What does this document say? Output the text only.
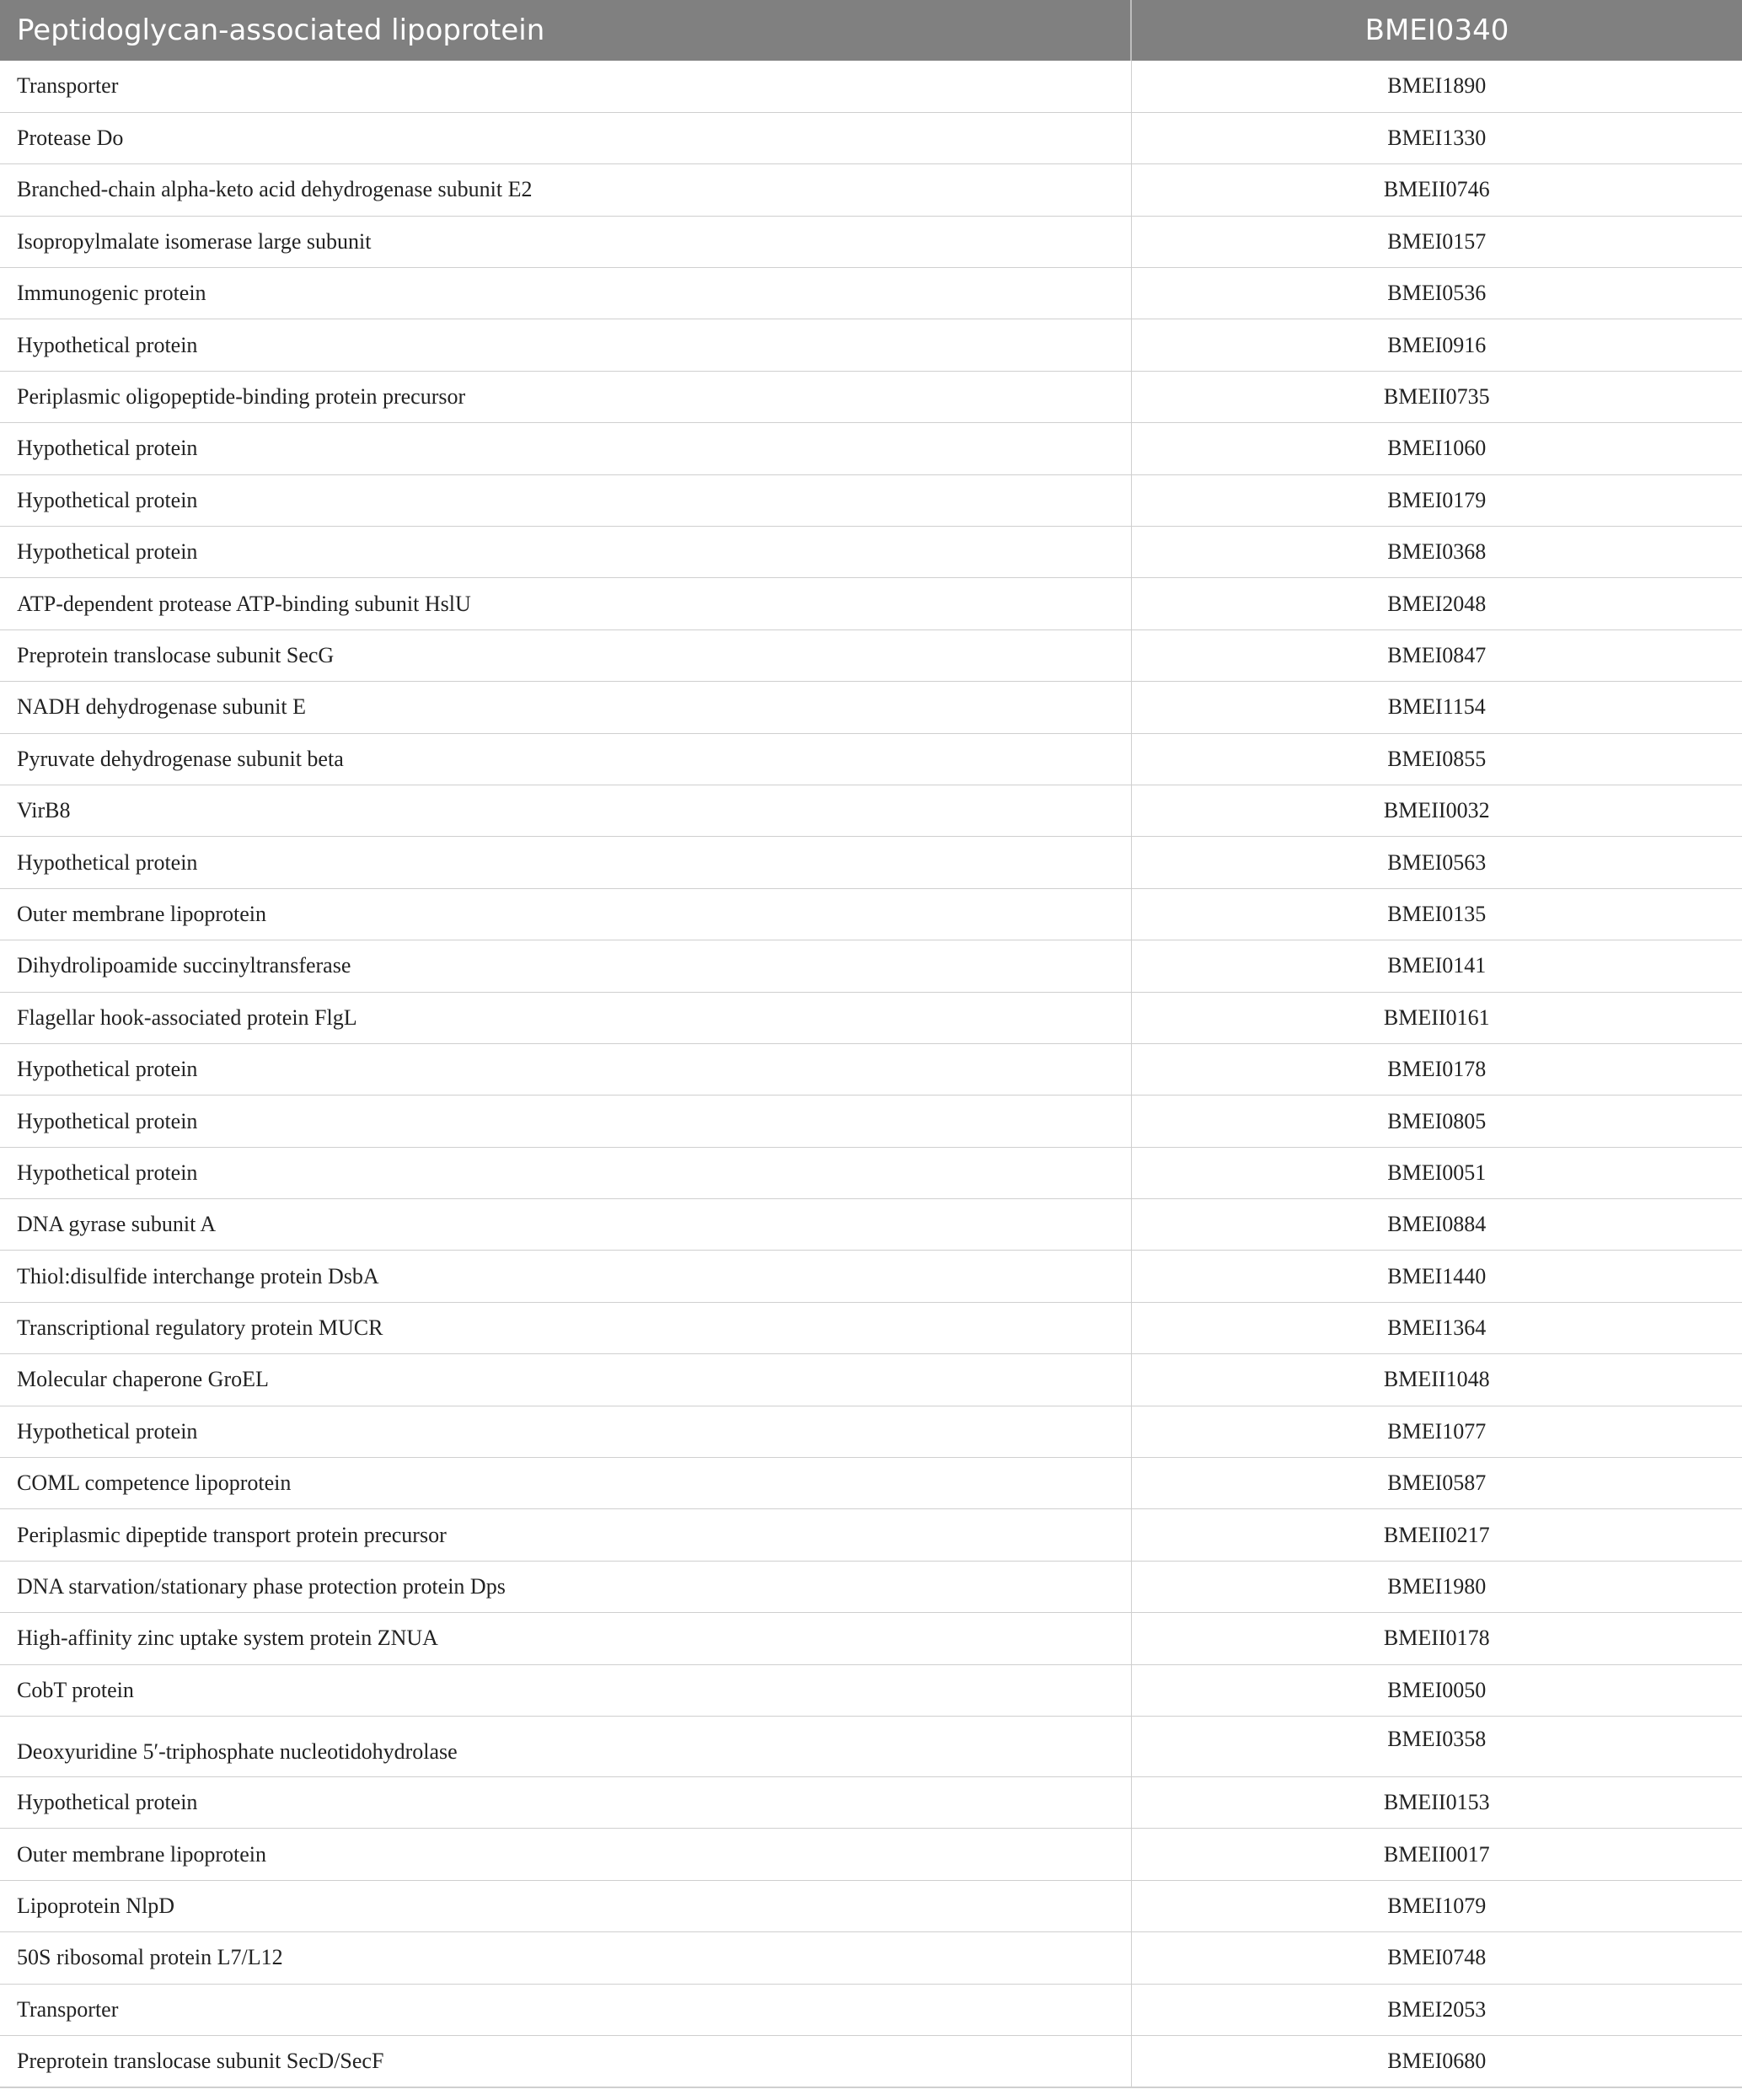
Peptidoglycan-associated lipoprotein	BMEI0340
Transporter	BMEI1890
Protease Do	BMEI1330
Branched-chain alpha-keto acid dehydrogenase subunit E2	BMEII0746
Isopropylmalate isomerase large subunit	BMEI0157
Immunogenic protein	BMEI0536
Hypothetical protein	BMEI0916
Periplasmic oligopeptide-binding protein precursor	BMEII0735
Hypothetical protein	BMEI1060
Hypothetical protein	BMEI0179
Hypothetical protein	BMEI0368
ATP-dependent protease ATP-binding subunit HslU	BMEI2048
Preprotein translocase subunit SecG	BMEI0847
NADH dehydrogenase subunit E	BMEI1154
Pyruvate dehydrogenase subunit beta	BMEI0855
VirB8	BMEII0032
Hypothetical protein	BMEI0563
Outer membrane lipoprotein	BMEI0135
Dihydrolipoamide succinyltransferase	BMEI0141
Flagellar hook-associated protein FlgL	BMEII0161
Hypothetical protein	BMEI0178
Hypothetical protein	BMEI0805
Hypothetical protein	BMEI0051
DNA gyrase subunit A	BMEI0884
Thiol:disulfide interchange protein DsbA	BMEI1440
Transcriptional regulatory protein MUCR	BMEI1364
Molecular chaperone GroEL	BMEII1048
Hypothetical protein	BMEI1077
COML competence lipoprotein	BMEI0587
Periplasmic dipeptide transport protein precursor	BMEII0217
DNA starvation/stationary phase protection protein Dps	BMEI1980
High-affinity zinc uptake system protein ZNUA	BMEII0178
CobT protein	BMEI0050
Deoxyuridine 5′-triphosphate nucleotidohydrolase	BMEI0358
Hypothetical protein	BMEII0153
Outer membrane lipoprotein	BMEII0017
Lipoprotein NlpD	BMEI1079
50S ribosomal protein L7/L12	BMEI0748
Transporter	BMEI2053
Preprotein translocase subunit SecD/SecF	BMEI0680
